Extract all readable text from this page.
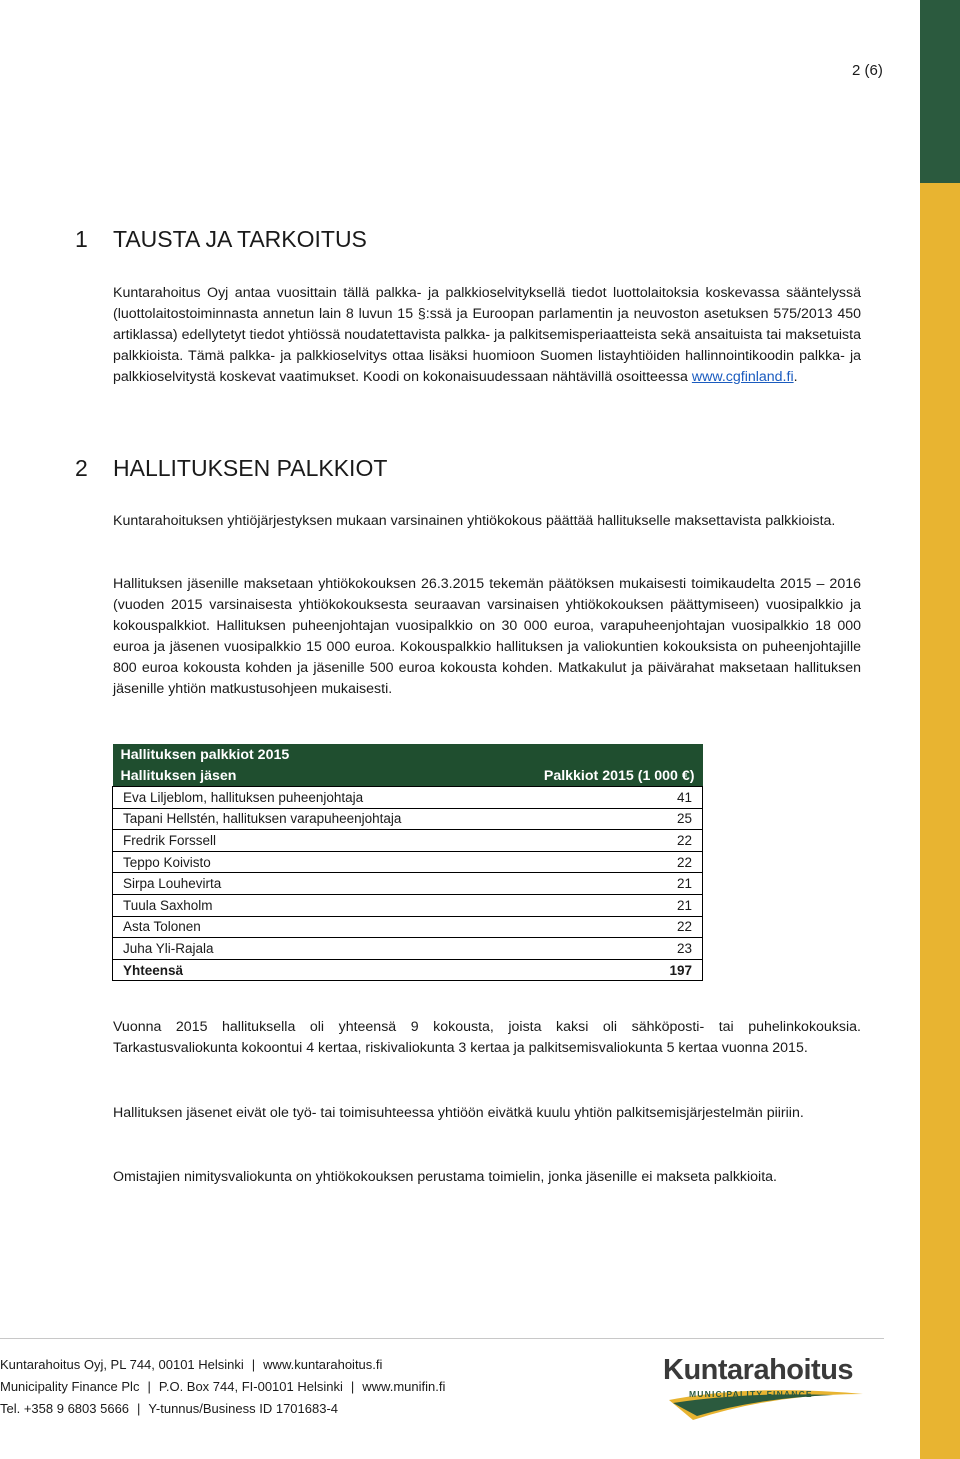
2 (6)
1 TAUSTA JA TARKOITUS

Kuntarahoitus Oyj antaa vuosittain tällä palkka- ja palkkioselvityksellä tiedot luottolaitoksia koskevassa sääntelyssä (luottolaitostoiminnasta annetun lain 8 luvun 15 §:ssä ja Euroopan parlamentin ja neuvoston asetuksen 575/2013 450 artiklassa) edellytetyt tiedot yhtiössä noudatettavista palkka- ja palkitsemisperiaatteista sekä ansaituista tai maksetuista palkkioista. Tämä palkka- ja palkkioselvitys ottaa lisäksi huomioon Suomen listayhtiöiden hallinnointikoodin palkka- ja palkkioselvitystä koskevat vaatimukset. Koodi on kokonaisuudessaan nähtävillä osoitteessa www.cgfinland.fi.

2 HALLITUKSEN PALKKIOT

Kuntarahoituksen yhtiöjärjestyksen mukaan varsinainen yhtiökokous päättää hallitukselle maksettavista palkkioista.

Hallituksen jäsenille maksetaan yhtiökokouksen 26.3.2015 tekemän päätöksen mukaisesti toimikaudelta 2015 – 2016 (vuoden 2015 varsinaisesta yhtiökokouksesta seuraavan varsinaisen yhtiökokouksen päättymiseen) vuosipalkkio ja kokouspalkkiot. Hallituksen puheenjohtajan vuosipalkkio on 30 000 euroa, varapuheenjohtajan vuosipalkkio 18 000 euroa ja jäsenen vuosipalkkio 15 000 euroa. Kokouspalkkio hallituksen ja valiokuntien kokouksista on puheenjohtajille 800 euroa kokousta kohden ja jäsenille 500 euroa kokousta kohden. Matkakulut ja päivärahat maksetaan hallituksen jäsenille yhtiön matkustusohjeen mukaisesti.

Hallituksen palkkiot 2015	
Hallituksen jäsen	Palkkiot 2015 (1 000 €)
Eva Liljeblom, hallituksen puheenjohtaja	41
Tapani Hellstén, hallituksen varapuheenjohtaja	25
Fredrik Forssell	22
Teppo Koivisto	22
Sirpa Louhevirta	21
Tuula Saxholm	21
Asta Tolonen	22
Juha Yli-Rajala	23
Yhteensä	197

Vuonna 2015 hallituksella oli yhteensä 9 kokousta, joista kaksi oli sähköposti- tai puhelinkokouksia. Tarkastusvaliokunta kokoontui 4 kertaa, riskivaliokunta 3 kertaa ja palkitsemisvaliokunta 5 kertaa vuonna 2015.

Hallituksen jäsenet eivät ole työ- tai toimisuhteessa yhtiöön eivätkä kuulu yhtiön palkitsemisjärjestelmän piiriin.

Omistajien nimitysvaliokunta on yhtiökokouksen perustama toimielin, jonka jäsenille ei makseta palkkioita.

Kuntarahoitus Oyj, PL 744, 00101 Helsinki | www.kuntarahoitus.fi
Municipality Finance Plc | P.O. Box 744, FI-00101 Helsinki | www.munifin.fi
Tel. +358 9 6803 5666 | Y-tunnus/Business ID 1701683-4
Kuntarahoitus
MUNICIPALITY FINANCE
